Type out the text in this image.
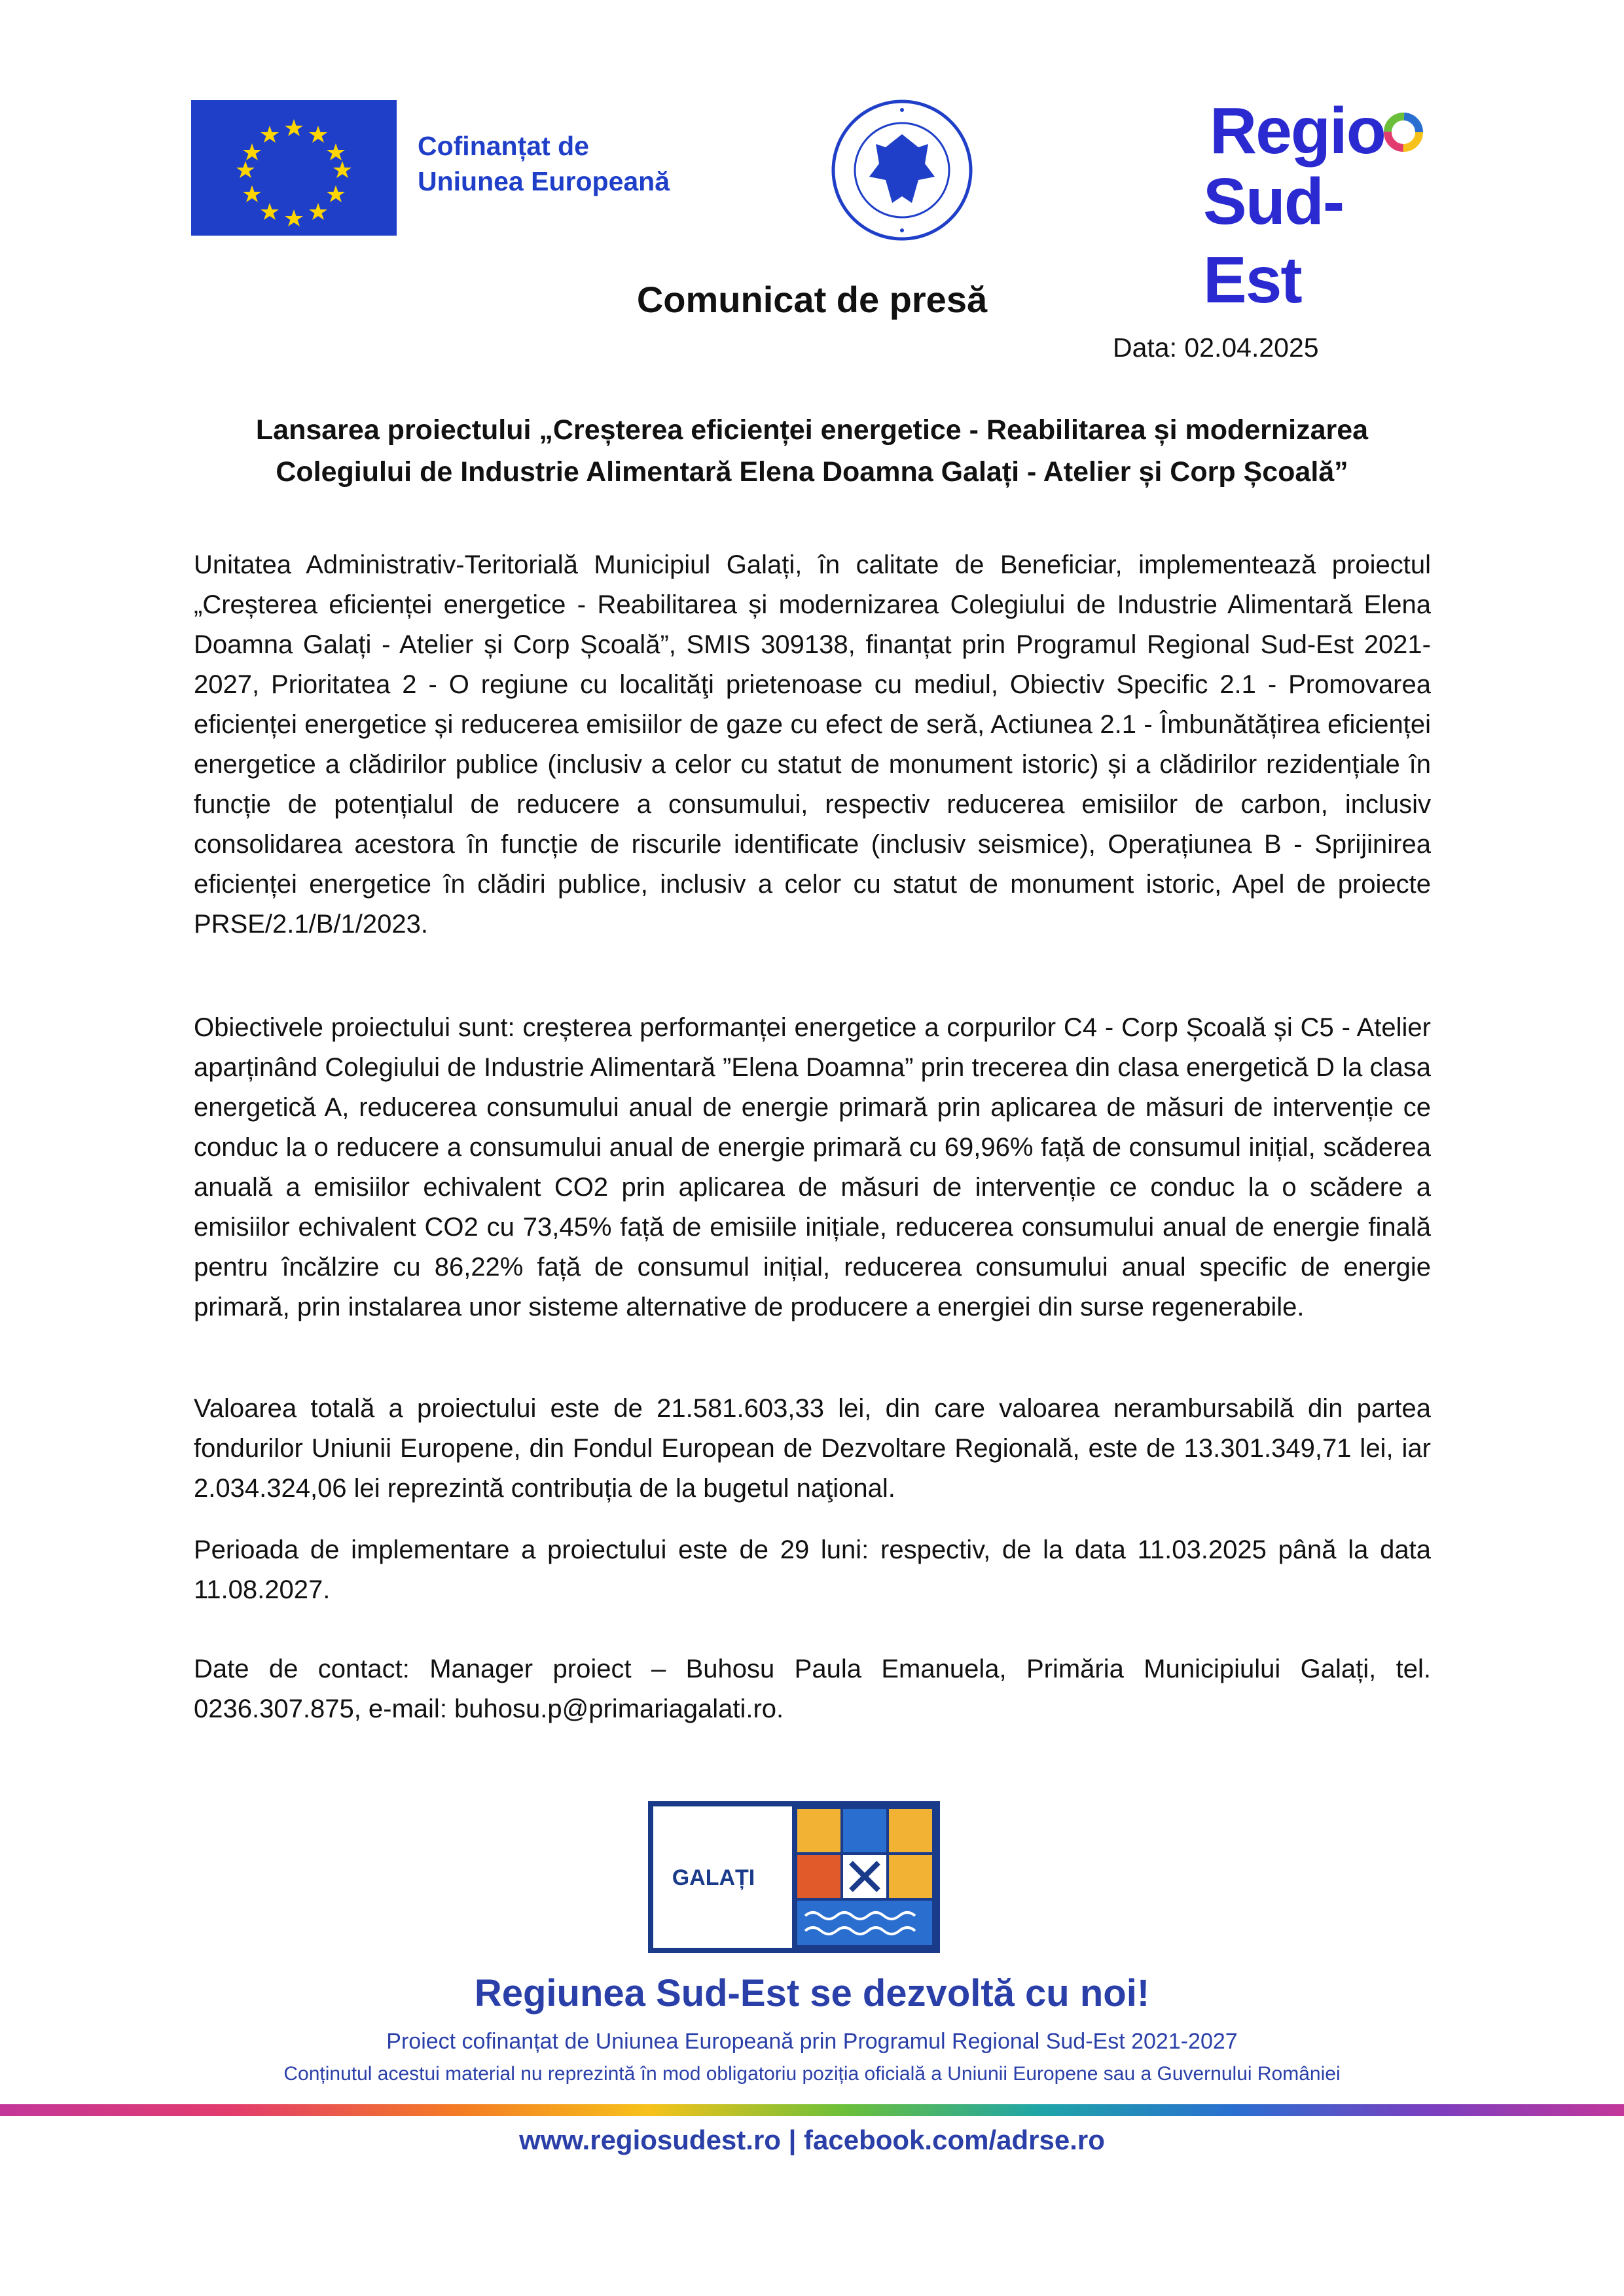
Cofinanțat de
Uniunea Europeană
Regio
Sud-Est
Comunicat de presă
Data: 02.04.2025
Lansarea proiectului „Creșterea eficienței energetice - Reabilitarea și modernizarea
Colegiului de Industrie Alimentară Elena Doamna Galați - Atelier și Corp Școală”
Unitatea Administrativ-Teritorială Municipiul Galați, în calitate de Beneficiar, implementează proiectul „Creșterea eficienței energetice - Reabilitarea și modernizarea Colegiului de Industrie Alimentară Elena Doamna Galați - Atelier și Corp Școală”, SMIS 309138, finanțat prin Programul Regional Sud-Est 2021-2027, Prioritatea 2 - O regiune cu localităţi prietenoase cu mediul, Obiectiv Specific 2.1 - Promovarea eficienței energetice și reducerea emisiilor de gaze cu efect de seră, Actiunea 2.1 - Îmbunătățirea eficienței energetice a clădirilor publice (inclusiv a celor cu statut de monument istoric) și a clădirilor rezidențiale în funcție de potențialul de reducere a consumului, respectiv reducerea emisiilor de carbon, inclusiv consolidarea acestora în funcție de riscurile identificate (inclusiv seismice), Operațiunea B - Sprijinirea eficienței energetice în clădiri publice, inclusiv a celor cu statut de monument istoric, Apel de proiecte PRSE/2.1/B/1/2023.
Obiectivele proiectului sunt: creșterea performanței energetice a corpurilor C4 - Corp Școală și C5 - Atelier aparținând Colegiului de Industrie Alimentară ”Elena Doamna” prin trecerea din clasa energetică D la clasa energetică A, reducerea consumului anual de energie primară prin aplicarea de măsuri de intervenție ce conduc la o reducere a consumului anual de energie primară cu 69,96% față de consumul inițial, scăderea anuală a emisiilor echivalent CO2 prin aplicarea de măsuri de intervenție ce conduc la o scădere a emisiilor echivalent CO2 cu 73,45% față de emisiile inițiale, reducerea consumului anual de energie finală pentru încălzire cu 86,22% față de consumul inițial, reducerea consumului anual specific de energie primară, prin instalarea unor sisteme alternative de producere a energiei din surse regenerabile.
Valoarea totală a proiectului este de 21.581.603,33 lei, din care valoarea nerambursabilă din partea fondurilor Uniunii Europene, din Fondul European de Dezvoltare Regională, este de 13.301.349,71 lei, iar 2.034.324,06 lei reprezintă contribuția de la bugetul naţional.
Perioada de implementare a proiectului este de 29 luni: respectiv, de la data 11.03.2025 până la data 11.08.2027.
Date de contact: Manager proiect – Buhosu Paula Emanuela, Primăria Municipiului Galați, tel. 0236.307.875, e-mail: buhosu.p@primariagalati.ro.
GALAȚI
Regiunea Sud-Est se dezvoltă cu noi!
Proiect cofinanțat de Uniunea Europeană prin Programul Regional Sud-Est 2021-2027
Conținutul acestui material nu reprezintă în mod obligatoriu poziția oficială a Uniunii Europene sau a Guvernului României
www.regiosudest.ro | facebook.com/adrse.ro
